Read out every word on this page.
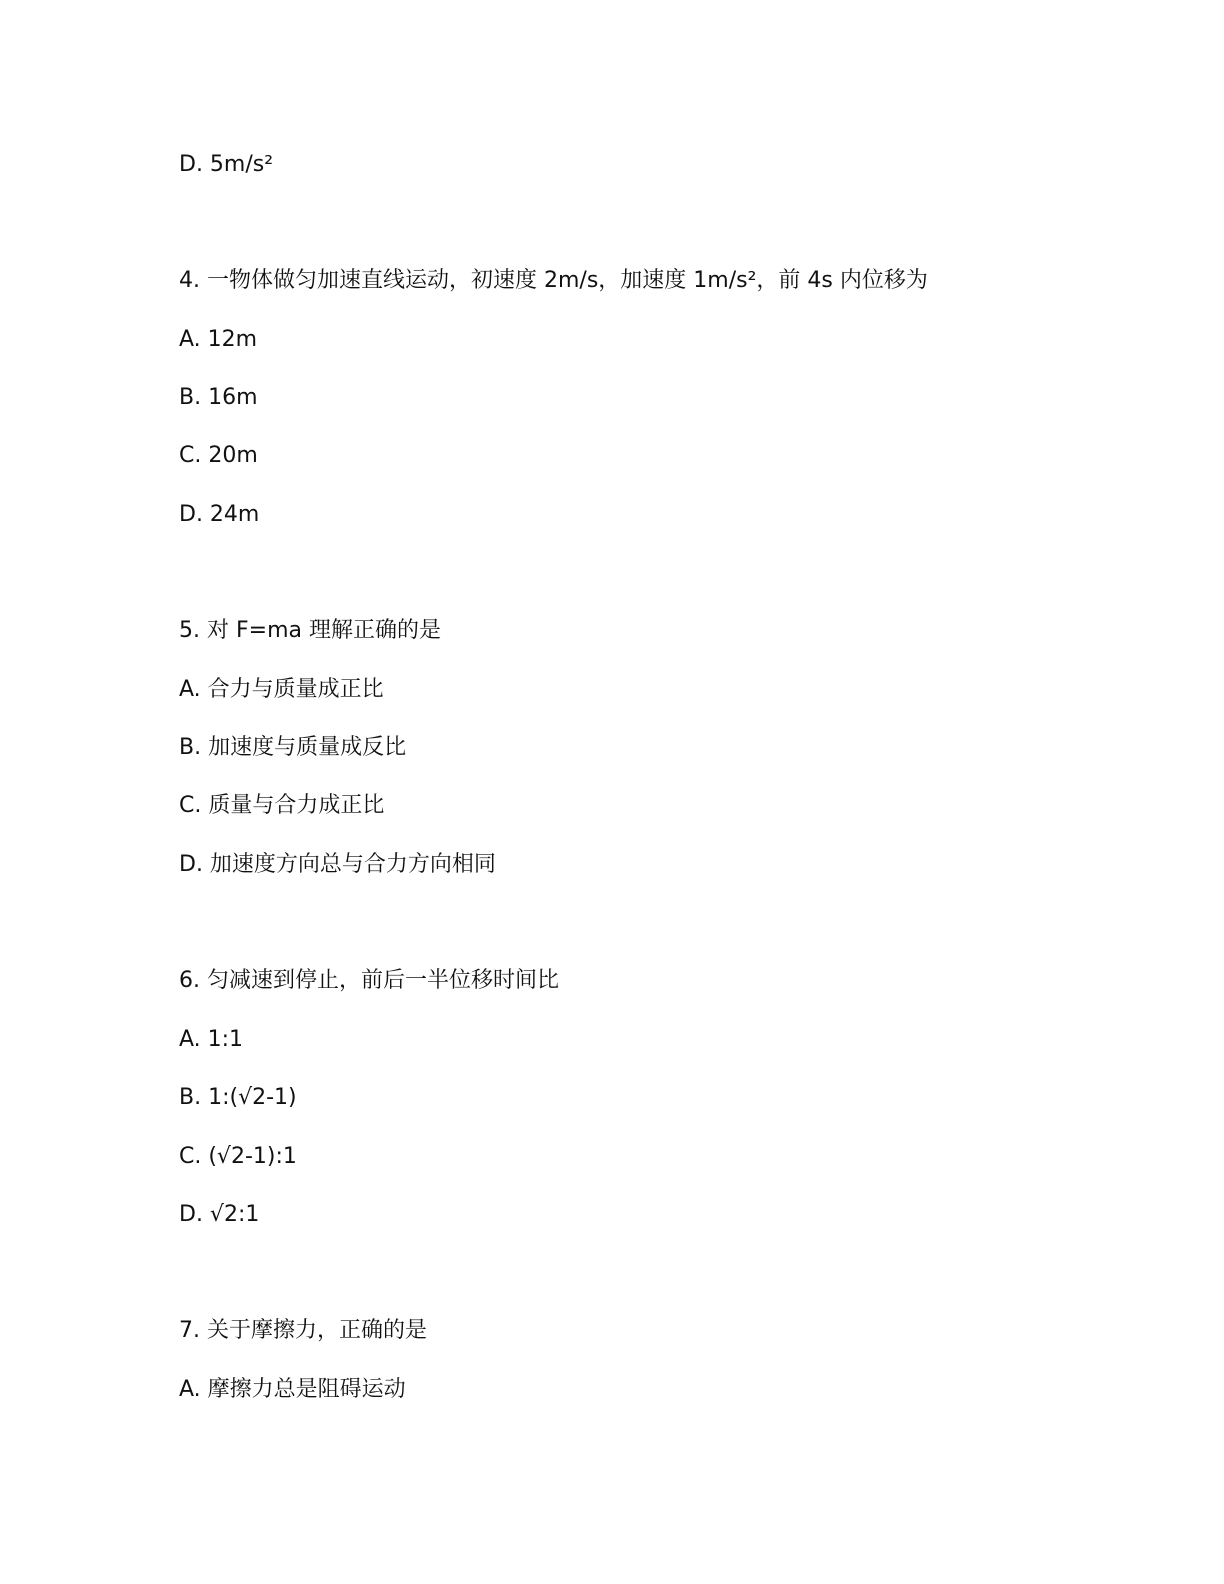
D. 5m/s²
4. 一物体做匀加速直线运动，初速度 2m/s，加速度 1m/s²，前 4s 内位移为
A. 12m
B. 16m
C. 20m
D. 24m
5. 对 F=ma 理解正确的是
A. 合力与质量成正比
B. 加速度与质量成反比
C. 质量与合力成正比
D. 加速度方向总与合力方向相同
6. 匀减速到停止，前后一半位移时间比
A. 1:1
B. 1:(√2-1)
C. (√2-1):1
D. √2:1
7. 关于摩擦力，正确的是
A. 摩擦力总是阻碍运动
